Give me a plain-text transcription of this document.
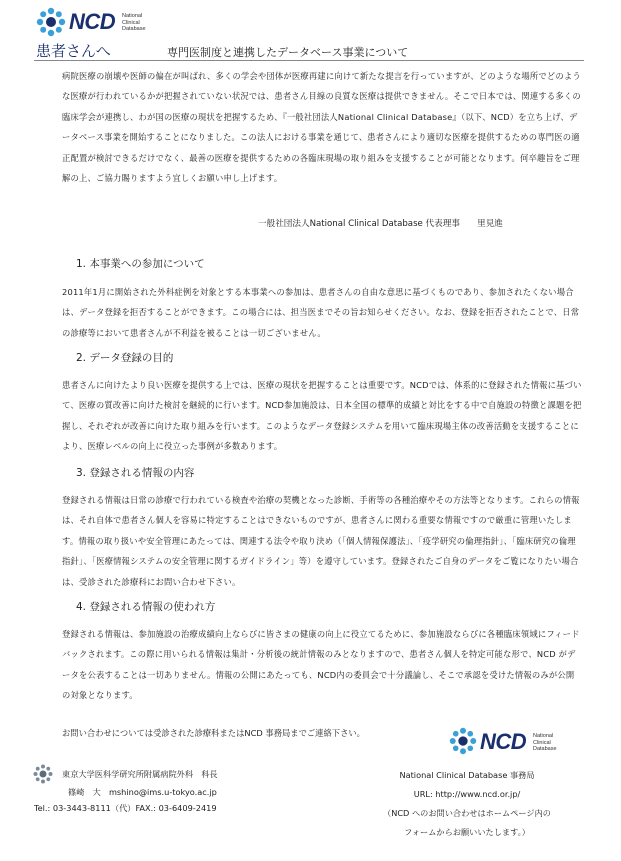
NCD National
Clinical
Database
患者さんへ	専門医制度と連携したデータベース事業について
病院医療の崩壊や医師の偏在が叫ばれ、多くの学会や団体が医療再建に向けて新たな提言を行っていますが、どのような場所でどのような医療が行われているかが把握されていない状況では、患者さん目線の良質な医療は提供できません。そこで日本では、関連する多くの臨床学会が連携し、わが国の医療の現状を把握するため、『一般社団法人National Clinical Database』（以下、NCD）を立ち上げ、データベース事業を開始することになりました。この法人における事業を通じて、患者さんにより適切な医療を提供するための専門医の適正配置が検討できるだけでなく、最善の医療を提供するための各臨床現場の取り組みを支援することが可能となります。何卒趣旨をご理解の上、ご協力賜りますよう宜しくお願い申し上げます。
一般社団法人National Clinical Database 代表理事　　里見進
1. 本事業への参加について
2011年1月に開始された外科症例を対象とする本事業への参加は、患者さんの自由な意思に基づくものであり、参加されたくない場合は、データ登録を拒否することができます。この場合には、担当医までその旨お知らせください。なお、登録を拒否されたことで、日常の診療等において患者さんが不利益を被ることは一切ございません。
2. データ登録の目的
患者さんに向けたより良い医療を提供する上では、医療の現状を把握することは重要です。NCDでは、体系的に登録された情報に基づいて、医療の質改善に向けた検討を継続的に行います。NCD参加施設は、日本全国の標準的成績と対比をする中で自施設の特徴と課題を把握し、それぞれが改善に向けた取り組みを行います。このようなデータ登録システムを用いて臨床現場主体の改善活動を支援することにより、医療レベルの向上に役立った事例が多数あります。
3. 登録される情報の内容
登録される情報は日常の診療で行われている検査や治療の契機となった診断、手術等の各種治療やその方法等となります。これらの情報は、それ自体で患者さん個人を容易に特定することはできないものですが、患者さんに関わる重要な情報ですので厳重に管理いたします。情報の取り扱いや安全管理にあたっては、関連する法令や取り決め（「個人情報保護法」、「疫学研究の倫理指針」、「臨床研究の倫理指針」、「医療情報システムの安全管理に関するガイドライン」等）を遵守しています。登録されたご自身のデータをご覧になりたい場合は、受診された診療科にお問い合わせ下さい。
4. 登録される情報の使われ方
登録される情報は、参加施設の治療成績向上ならびに皆さまの健康の向上に役立てるために、参加施設ならびに各種臨床領域にフィードバックされます。この際に用いられる情報は集計・分析後の統計情報のみとなりますので、患者さん個人を特定可能な形で、NCD がデータを公表することは一切ありません。情報の公開にあたっても、NCD内の委員会で十分議論し、そこで承認を受けた情報のみが公開の対象となります。
お問い合わせについては受診された診療科またはNCD 事務局までご連絡下さい。	NCD National
Clinical
Database
東京大学医科学研究所附属病院外科　科長
篠崎　大　mshino@ims.u-tokyo.ac.jp
Tel.: 03-3443-8111（代）FAX.: 03-6409-2419
National Clinical Database 事務局
URL: http://www.ncd.or.jp/
（NCD へのお問い合わせはホームページ内の
フォームからお願いいたします。）
